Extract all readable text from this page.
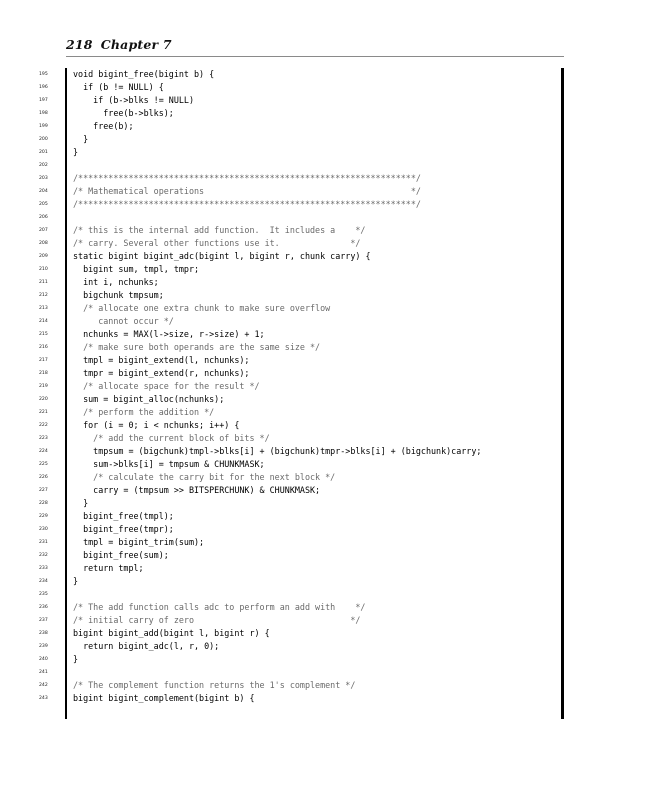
218 Chapter 7
195	void bigint_free(bigint b) {
196	if (b != NULL) {
197	if (b->blks != NULL)
198	free(b->blks);
199	free(b);
200	}
201	}
202
203	/*******************************************************************/
204	/* Mathematical operations                                         */
205	/*******************************************************************/
206
207	/* this is the internal add function.  It includes a    */
208	/* carry. Several other functions use it.              */
209	static bigint bigint_adc(bigint l, bigint r, chunk carry) {
210	bigint sum, tmpl, tmpr;
211	int i, nchunks;
212	bigchunk tmpsum;
213	/* allocate one extra chunk to make sure overflow
214	cannot occur */
215	nchunks = MAX(l->size, r->size) + 1;
216	/* make sure both operands are the same size */
217	tmpl = bigint_extend(l, nchunks);
218	tmpr = bigint_extend(r, nchunks);
219	/* allocate space for the result */
220	sum = bigint_alloc(nchunks);
221	/* perform the addition */
222	for (i = 0; i < nchunks; i++) {
223	/* add the current block of bits */
224	tmpsum = (bigchunk)tmpl->blks[i] + (bigchunk)tmpr->blks[i] + (bigchunk)carry;
225	sum->blks[i] = tmpsum & CHUNKMASK;
226	/* calculate the carry bit for the next block */
227	carry = (tmpsum >> BITSPERCHUNK) & CHUNKMASK;
228	}
229	bigint_free(tmpl);
230	bigint_free(tmpr);
231	tmpl = bigint_trim(sum);
232	bigint_free(sum);
233	return tmpl;
234	}
235
236	/* The add function calls adc to perform an add with    */
237	/* initial carry of zero                               */
238	bigint bigint_add(bigint l, bigint r) {
239	return bigint_adc(l, r, 0);
240	}
241
242	/* The complement function returns the 1's complement */
243	bigint bigint_complement(bigint b) {
